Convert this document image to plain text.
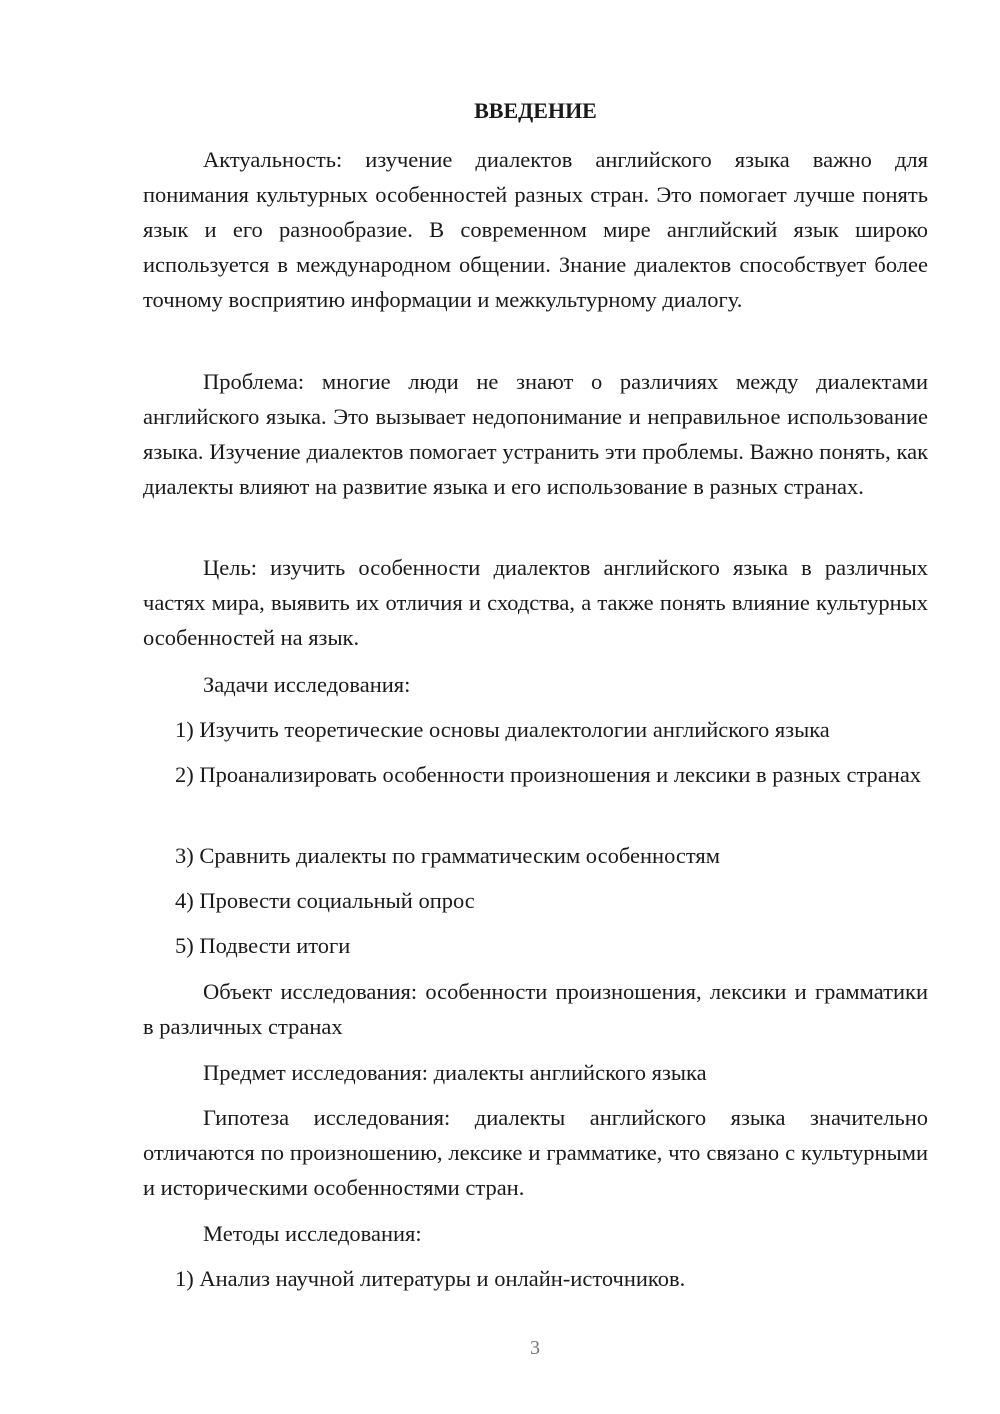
ВВЕДЕНИЕ

Актуальность: изучение диалектов английского языка важно для понимания культурных особенностей разных стран. Это помогает лучше понять язык и его разнообразие. В современном мире английский язык широко используется в международном общении. Знание диалектов способствует более точному восприятию информации и межкультурному диалогу.

Проблема: многие люди не знают о различиях между диалектами английского языка. Это вызывает недопонимание и неправильное использование языка. Изучение диалектов помогает устранить эти проблемы. Важно понять, как диалекты влияют на развитие языка и его использование в разных странах.

Цель: изучить особенности диалектов английского языка в различных частях мира, выявить их отличия и сходства, а также понять влияние культурных особенностей на язык.

Задачи исследования:

1) Изучить теоретические основы диалектологии английского языка

2) Проанализировать особенности произношения и лексики в разных странах

3) Сравнить диалекты по грамматическим особенностям

4) Провести социальный опрос

5) Подвести итоги

Объект исследования: особенности произношения, лексики и грамматики в различных странах

Предмет исследования: диалекты английского языка

Гипотеза исследования: диалекты английского языка значительно отличаются по произношению, лексике и грамматике, что связано с культурными и историческими особенностями стран.

Методы исследования:

1) Анализ научной литературы и онлайн-источников.

3
